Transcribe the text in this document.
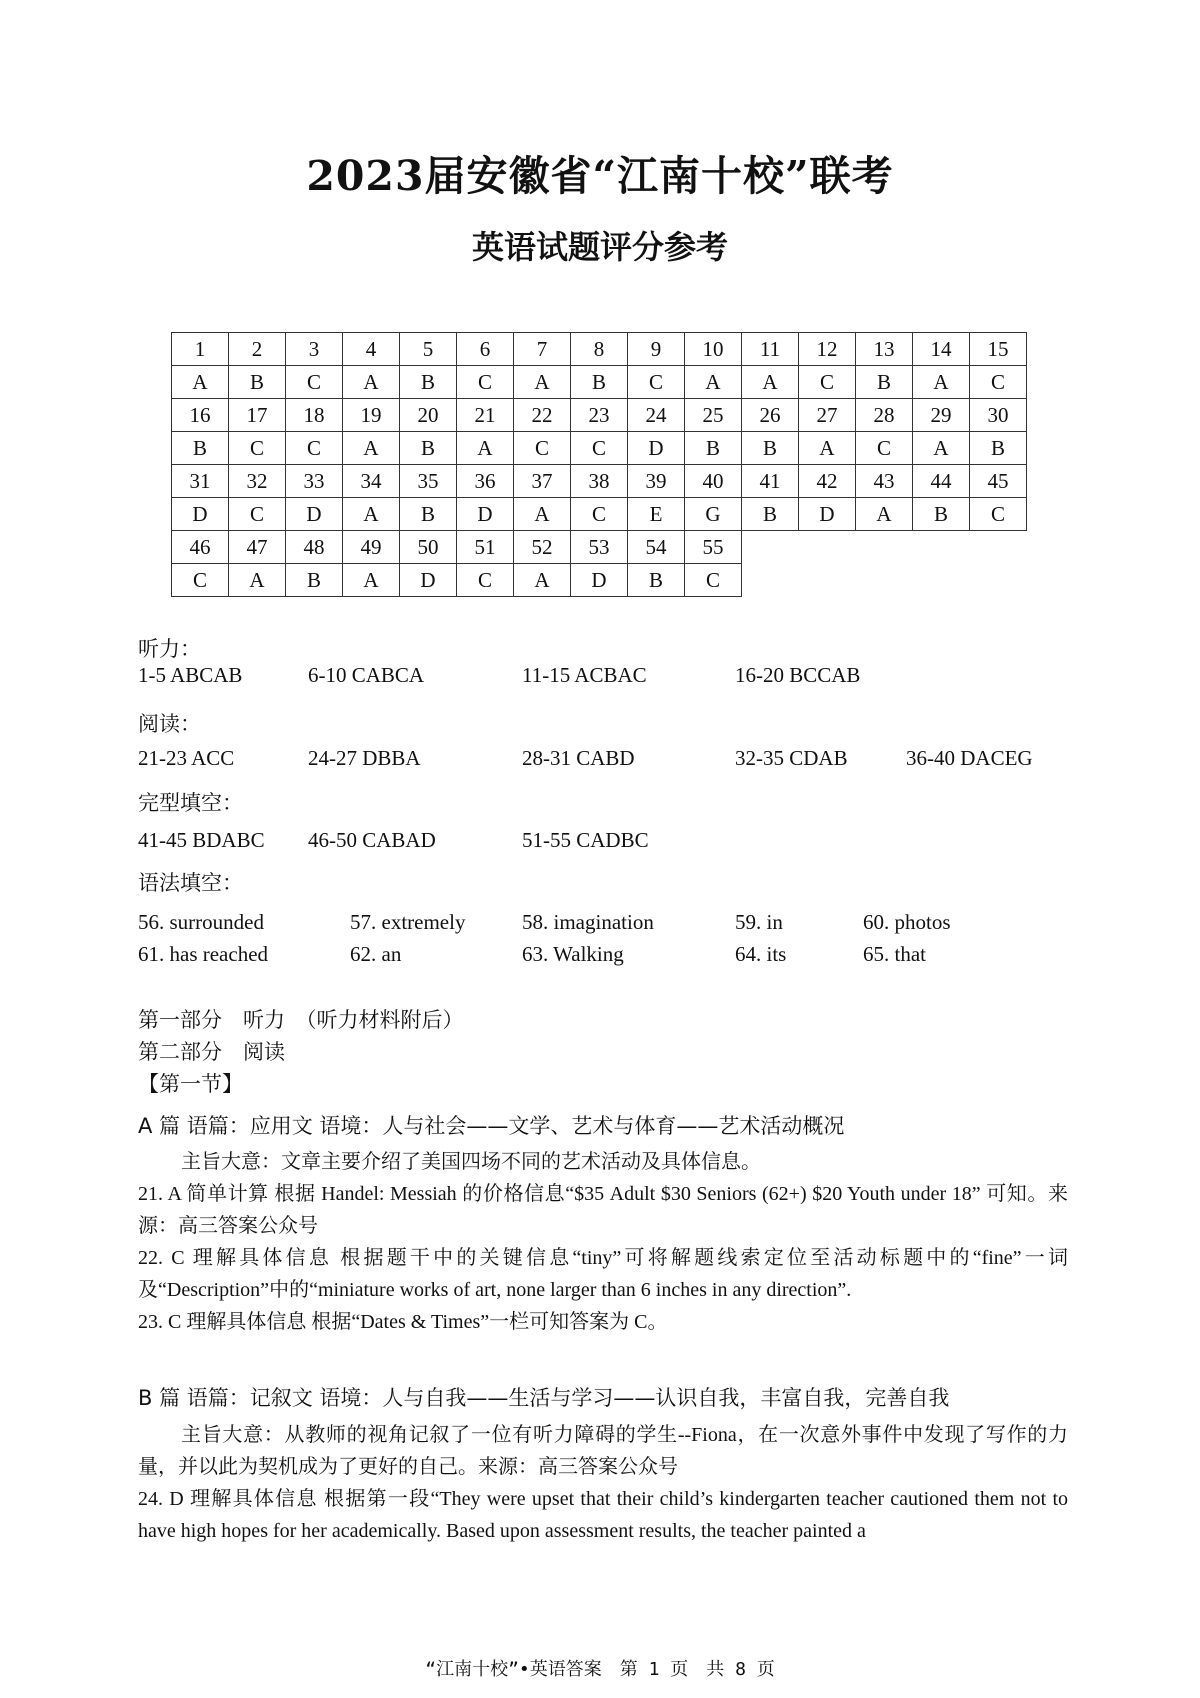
2023届安徽省“江南十校”联考
英语试题评分参考
1	2	3	4	5	6	7	8	9	10	11	12	13	14	15
A	B	C	A	B	C	A	B	C	A	A	C	B	A	C
16	17	18	19	20	21	22	23	24	25	26	27	28	29	30
B	C	C	A	B	A	C	C	D	B	B	A	C	A	B
31	32	33	34	35	36	37	38	39	40	41	42	43	44	45
D	C	D	A	B	D	A	C	E	G	B	D	A	B	C
46	47	48	49	50	51	52	53	54	55					
C	A	B	A	D	C	A	D	B	C					
听力：
1-5 ABCAB	6-10 CABCA	11-15 ACBAC	16-20 BCCAB
阅读：
21-23 ACC	24-27 DBBA	28-31 CABD	32-35 CDAB	36-40 DACEG
完型填空：
41-45 BDABC 46-50 CABAD	51-55 CADBC
语法填空：
56. surrounded	57. extremely	58. imagination	59. in	60. photos
61. has reached	62. an	63. Walking	64. its	65. that
第一部分　听力　（听力材料附后）
第二部分　阅读
【第一节】
A 篇 语篇：应用文 语境：人与社会——文学、艺术与体育——艺术活动概况

主旨大意：文章主要介绍了美国四场不同的艺术活动及具体信息。

21. A 简单计算 根据 Handel: Messiah 的价格信息“$35 Adult $30 Seniors (62+) $20 Youth under 18” 可知。来源：高三答案公众号

22. C 理解具体信息 根据题干中的关键信息“tiny”可将解题线索定位至活动标题中的“fine”一词及“Description”中的“miniature works of art, none larger than 6 inches in any direction”.

23. C 理解具体信息 根据“Dates & Times”一栏可知答案为 C。

B 篇 语篇：记叙文 语境：人与自我——生活与学习——认识自我，丰富自我，完善自我

主旨大意：从教师的视角记叙了一位有听力障碍的学生--Fiona，在一次意外事件中发现了写作的力量，并以此为契机成为了更好的自己。来源：高三答案公众号

24. D 理解具体信息 根据第一段“They were upset that their child’s kindergarten teacher cautioned them not to have high hopes for her academically. Based upon assessment results, the teacher painted a

“江南十校”•英语答案　第 1 页　共 8 页
